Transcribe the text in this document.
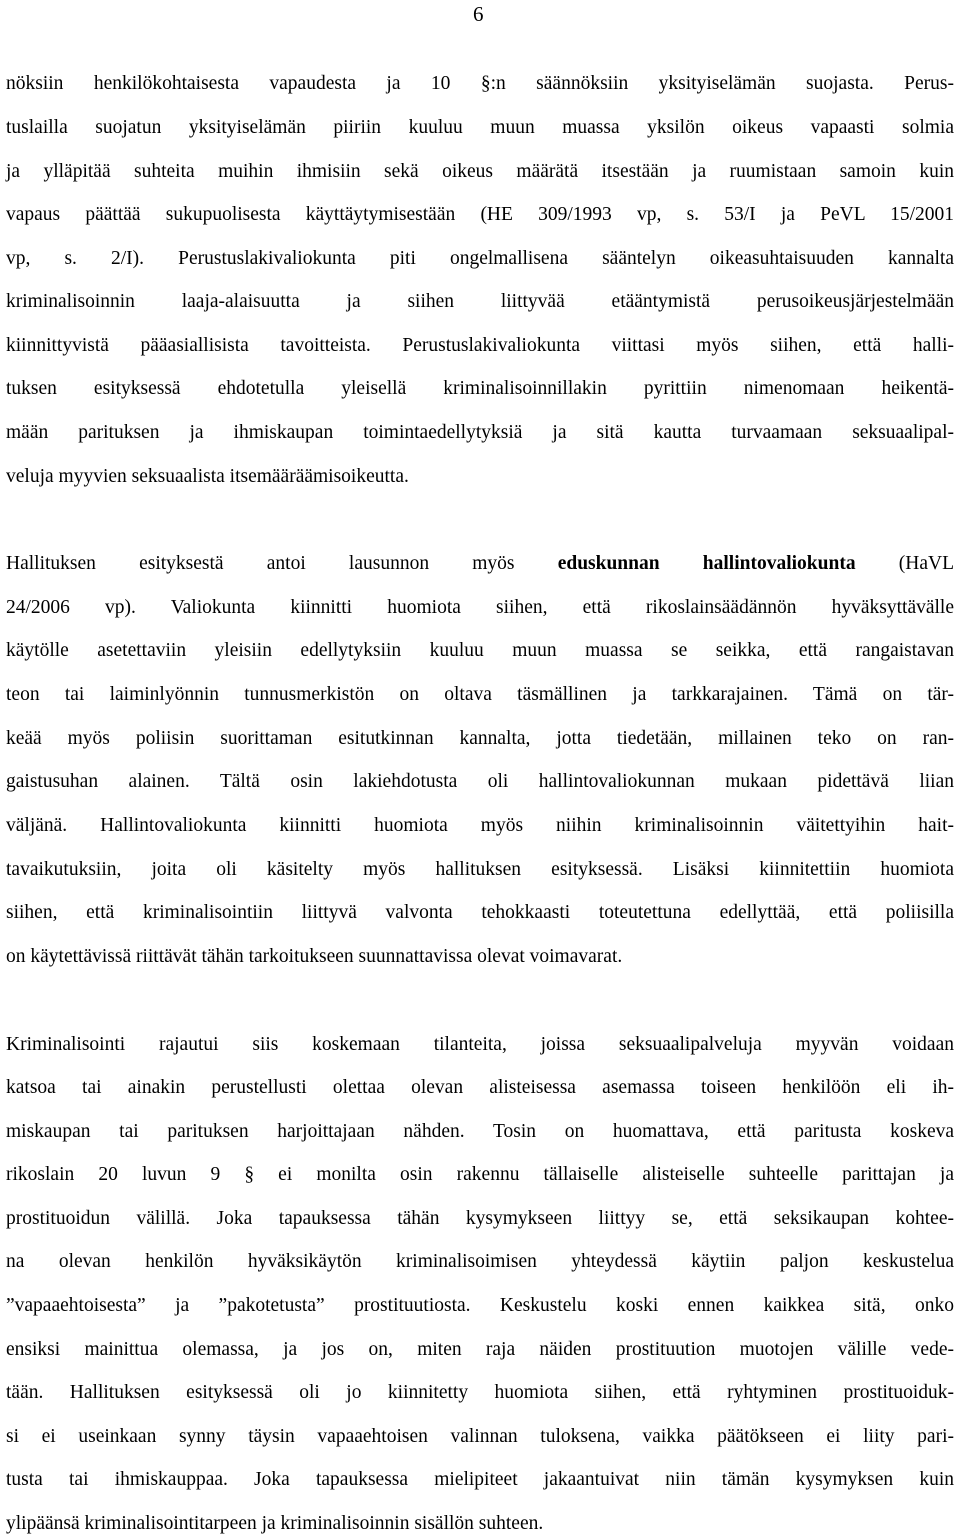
6
nöksiin henkilökohtaisesta vapaudesta ja 10 §:n säännöksiin yksityiselämän suojasta. Perus-
tuslailla suojatun yksityiselämän piiriin kuuluu muun muassa yksilön oikeus vapaasti solmia
ja ylläpitää suhteita muihin ihmisiin sekä oikeus määrätä itsestään ja ruumistaan samoin kuin
vapaus päättää sukupuolisesta käyttäytymisestään (HE 309/1993 vp, s. 53/I ja PeVL 15/2001
vp, s. 2/I). Perustuslakivaliokunta piti ongelmallisena sääntelyn oikeasuhtaisuuden kannalta
kriminalisoinnin laaja-alaisuutta ja siihen liittyvää etääntymistä perusoikeusjärjestelmään
kiinnittyvistä pääasiallisista tavoitteista. Perustuslakivaliokunta viittasi myös siihen, että halli-
tuksen esityksessä ehdotetulla yleisellä kriminalisoinnillakin pyrittiin nimenomaan heikentä-
mään parituksen ja ihmiskaupan toimintaedellytyksiä ja sitä kautta turvaamaan seksuaalipal-
veluja myyvien seksuaalista itsemääräämisoikeutta.
Hallituksen esityksestä antoi lausunnon myös eduskunnan hallintovaliokunta (HaVL
24/2006 vp). Valiokunta kiinnitti huomiota siihen, että rikoslainsäädännön hyväksyttävälle
käytölle asetettaviin yleisiin edellytyksiin kuuluu muun muassa se seikka, että rangaistavan
teon tai laiminlyönnin tunnusmerkistön on oltava täsmällinen ja tarkkarajainen. Tämä on tär-
keää myös poliisin suorittaman esitutkinnan kannalta, jotta tiedetään, millainen teko on ran-
gaistusuhan alainen. Tältä osin lakiehdotusta oli hallintovaliokunnan mukaan pidettävä liian
väljänä. Hallintovaliokunta kiinnitti huomiota myös niihin kriminalisoinnin väitettyihin hait-
tavaikutuksiin, joita oli käsitelty myös hallituksen esityksessä. Lisäksi kiinnitettiin huomiota
siihen, että kriminalisointiin liittyvä valvonta tehokkaasti toteutettuna edellyttää, että poliisilla
on käytettävissä riittävät tähän tarkoitukseen suunnattavissa olevat voimavarat.
Kriminalisointi rajautui siis koskemaan tilanteita, joissa seksuaalipalveluja myyvän voidaan
katsoa tai ainakin perustellusti olettaa olevan alisteisessa asemassa toiseen henkilöön eli ih-
miskaupan tai parituksen harjoittajaan nähden. Tosin on huomattava, että paritusta koskeva
rikoslain 20 luvun 9 § ei monilta osin rakennu tällaiselle alisteiselle suhteelle parittajan ja
prostituoidun välillä. Joka tapauksessa tähän kysymykseen liittyy se, että seksikaupan kohtee-
na olevan henkilön hyväksikäytön kriminalisoimisen yhteydessä käytiin paljon keskustelua
”vapaaehtoisesta” ja ”pakotetusta” prostituutiosta. Keskustelu koski ennen kaikkea sitä, onko
ensiksi mainittua olemassa, ja jos on, miten raja näiden prostituution muotojen välille vede-
tään. Hallituksen esityksessä oli jo kiinnitetty huomiota siihen, että ryhtyminen prostituoiduk-
si ei useinkaan synny täysin vapaaehtoisen valinnan tuloksena, vaikka päätökseen ei liity pari-
tusta tai ihmiskauppaa. Joka tapauksessa mielipiteet jakaantuivat niin tämän kysymyksen kuin
ylipäänsä kriminalisointitarpeen ja kriminalisoinnin sisällön suhteen.
